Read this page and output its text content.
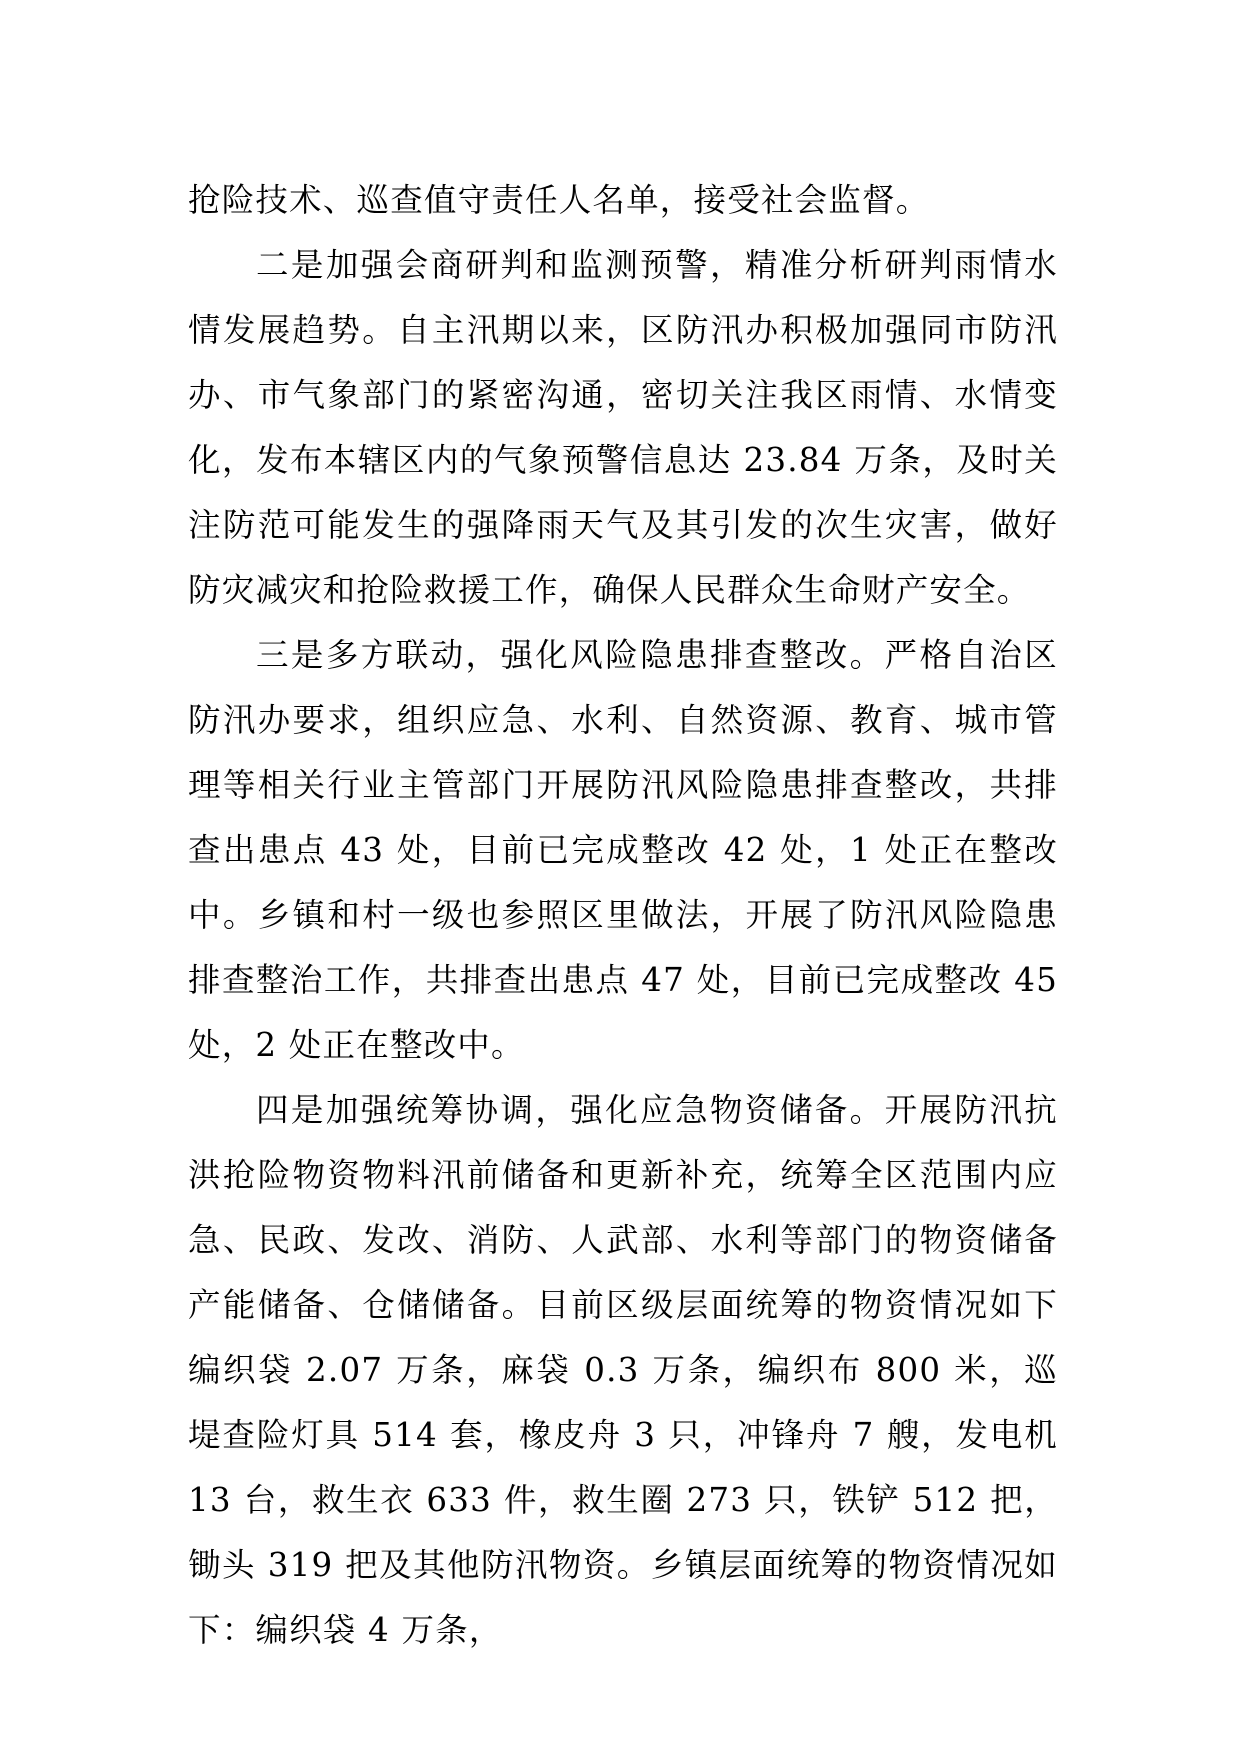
抢险技术、巡查值守责任人名单，接受社会监督。

二是加强会商研判和监测预警，精准分析研判雨情水情发展趋势。自主汛期以来，区防汛办积极加强同市防汛办、市气象部门的紧密沟通，密切关注我区雨情、水情变化，发布本辖区内的气象预警信息达 23.84 万条，及时关注防范可能发生的强降雨天气及其引发的次生灾害，做好防灾减灾和抢险救援工作，确保人民群众生命财产安全。

三是多方联动，强化风险隐患排查整改。严格自治区防汛办要求，组织应急、水利、自然资源、教育、城市管理等相关行业主管部门开展防汛风险隐患排查整改，共排查出患点 43 处，目前已完成整改 42 处，1 处正在整改中。乡镇和村一级也参照区里做法，开展了防汛风险隐患排查整治工作，共排查出患点 47 处，目前已完成整改 45 处，2 处正在整改中。

四是加强统筹协调，强化应急物资储备。开展防汛抗洪抢险物资物料汛前储备和更新补充，统筹全区范围内应急、民政、发改、消防、人武部、水利等部门的物资储备产能储备、仓储储备。目前区级层面统筹的物资情况如下编织袋 2.07 万条，麻袋 0.3 万条，编织布 800 米，巡堤查险灯具 514 套，橡皮舟 3 只，冲锋舟 7 艘，发电机 13 台，救生衣 633 件，救生圈 273 只，铁铲 512 把，锄头 319 把及其他防汛物资。乡镇层面统筹的物资情况如下：编织袋 4 万条，
